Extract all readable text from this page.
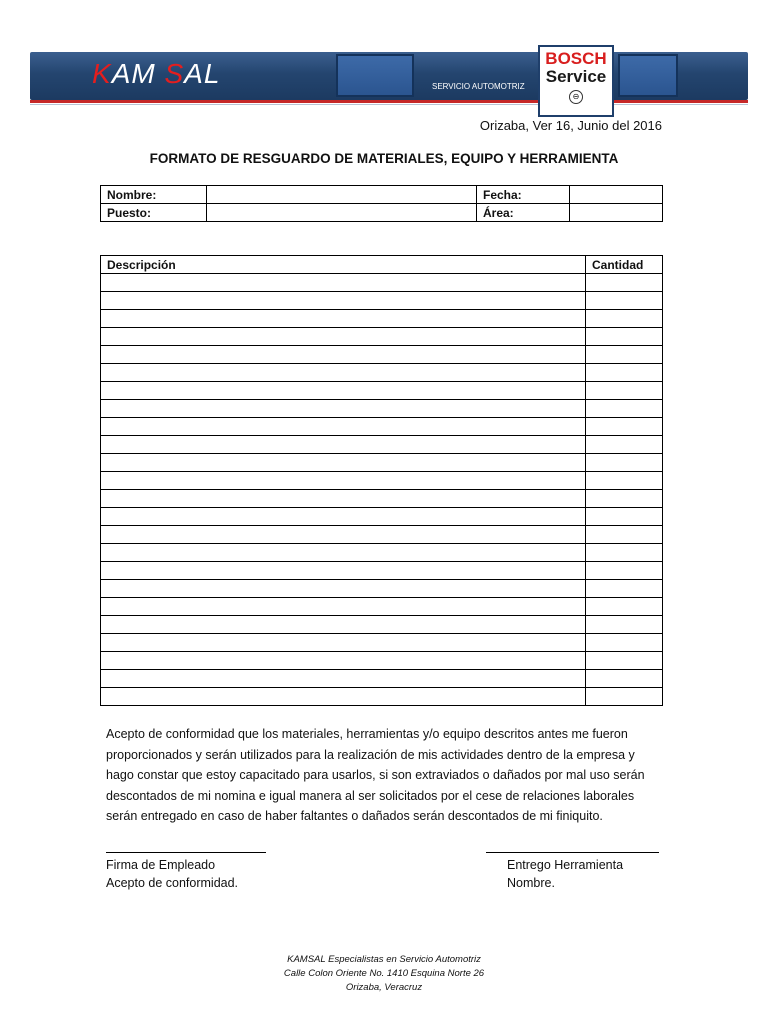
KAM SAL	SERVICIO AUTOMOTRIZ
BOSCH
Service
⊖
Orizaba, Ver 16, Junio del 2016
FORMATO DE RESGUARDO DE MATERIALES, EQUIPO Y HERRAMIENTA
Nombre:		Fecha:	
Puesto:		Área:	
Descripción	Cantidad

Acepto de conformidad que los materiales, herramientas y/o equipo descritos antes me fueron proporcionados y serán utilizados para la realización de mis actividades dentro de la empresa y hago constar que estoy capacitado para usarlos, si son extraviados o dañados por mal uso serán descontados de mi nomina e igual manera al ser solicitados por el cese de relaciones laborales serán entregado en caso de haber faltantes o dañados serán descontados de mi finiquito.
Firma de Empleado
Acepto de conformidad.
Entrego Herramienta
Nombre.
KAMSAL Especialistas en Servicio Automotriz
Calle Colon Oriente No. 1410 Esquina Norte 26
Orizaba, Veracruz
